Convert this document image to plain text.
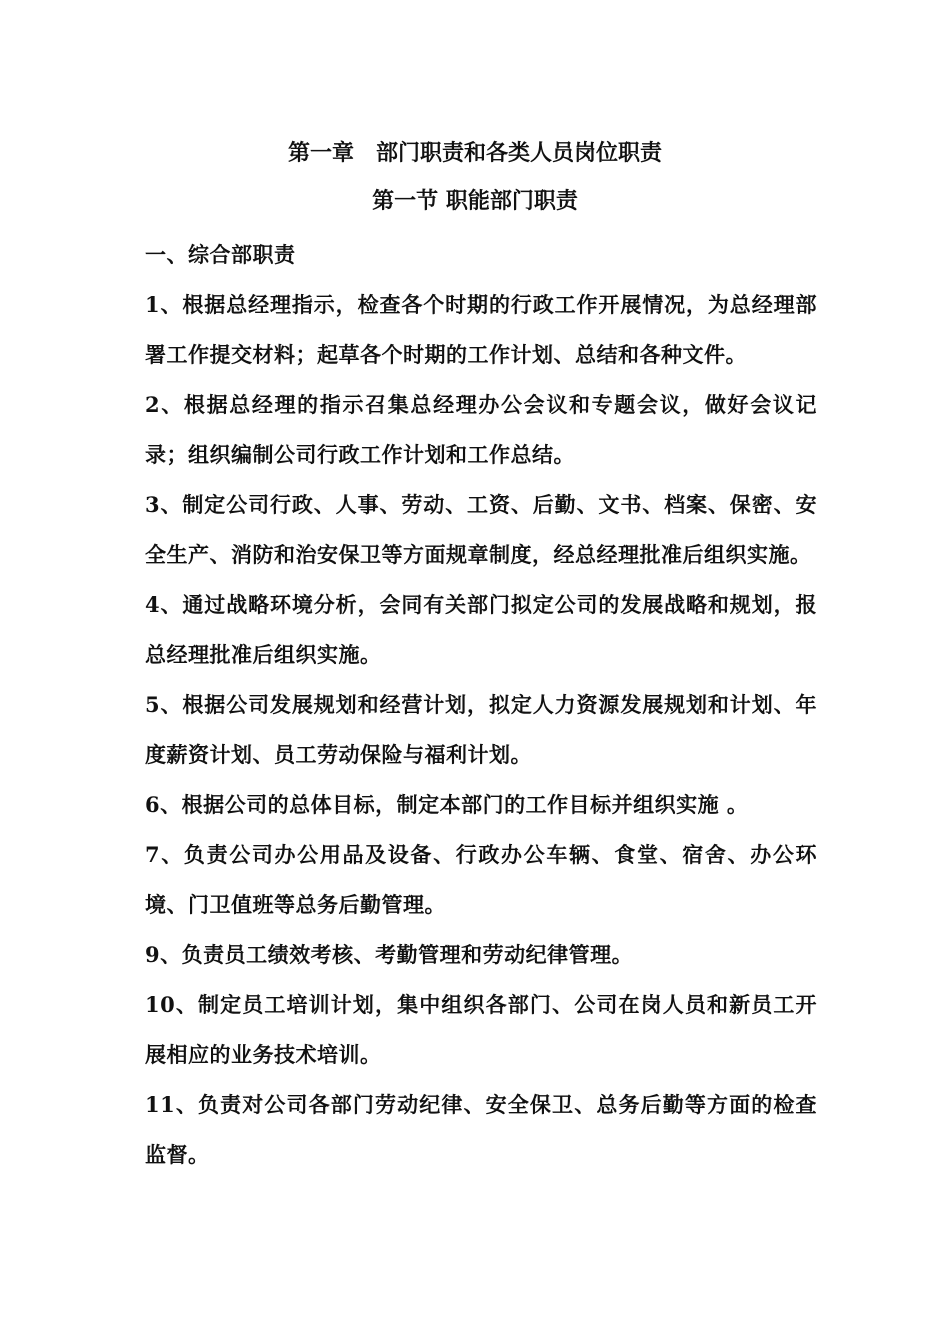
第一章　部门职责和各类人员岗位职责
第一节 职能部门职责

一、综合部职责

1、根据总经理指示，检查各个时期的行政工作开展情况，为总经理部署工作提交材料；起草各个时期的工作计划、总结和各种文件。

2、根据总经理的指示召集总经理办公会议和专题会议，做好会议记录；组织编制公司行政工作计划和工作总结。

3、制定公司行政、人事、劳动、工资、后勤、文书、档案、保密、安全生产、消防和治安保卫等方面规章制度，经总经理批准后组织实施。

4、通过战略环境分析，会同有关部门拟定公司的发展战略和规划，报总经理批准后组织实施。

5、根据公司发展规划和经营计划，拟定人力资源发展规划和计划、年度薪资计划、员工劳动保险与福利计划。

6、根据公司的总体目标，制定本部门的工作目标并组织实施 。

7、负责公司办公用品及设备、行政办公车辆、食堂、宿舍、办公环境、门卫值班等总务后勤管理。

9、负责员工绩效考核、考勤管理和劳动纪律管理。

10、制定员工培训计划，集中组织各部门、公司在岗人员和新员工开展相应的业务技术培训。

11、负责对公司各部门劳动纪律、安全保卫、总务后勤等方面的检查监督。
